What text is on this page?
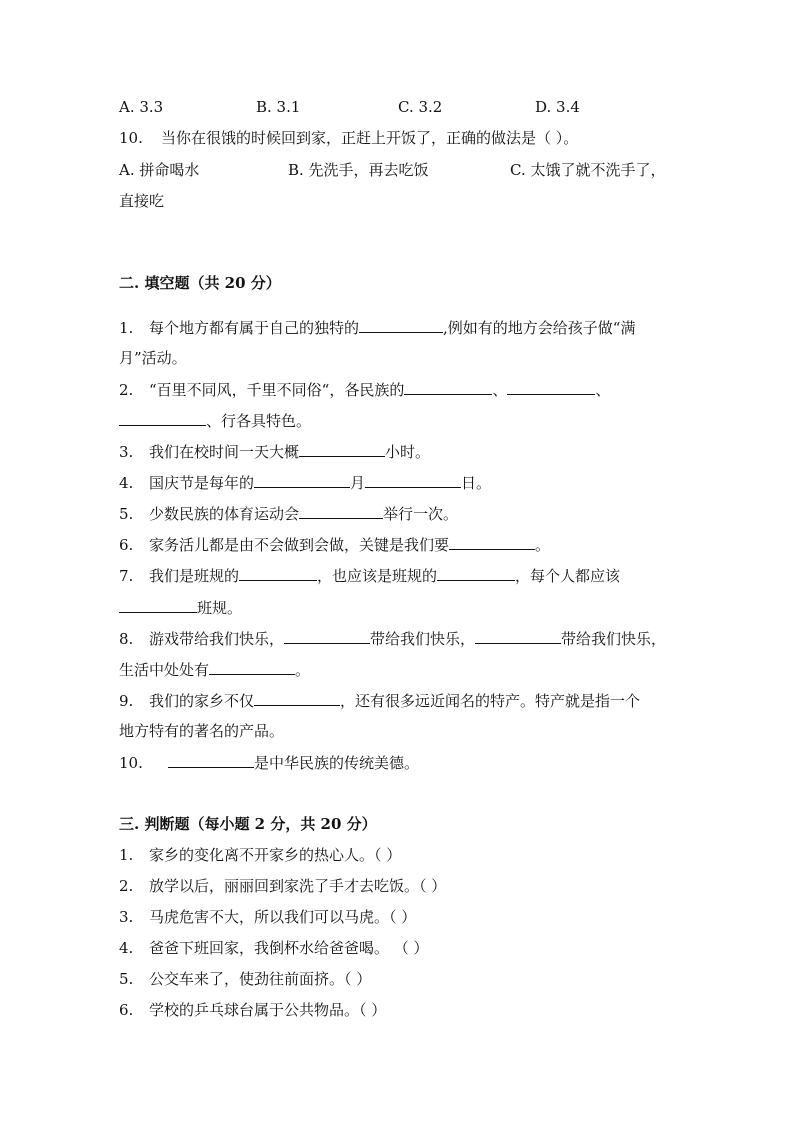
A. 3.3	B. 3.1	C. 3.2	D. 3.4
10. 当你在很饿的时候回到家，正赶上开饭了，正确的做法是（ ）。
A. 拼命喝水	B. 先洗手，再去吃饭	C. 太饿了就不洗手了，
直接吃
二. 填空题（共 20 分）
1. 每个地方都有属于自己的独特的	,例如有的地方会给孩子做“满
月”活动。
2. “百里不同风，千里不同俗“，各民族的	、	、
、行各具特色。
3. 我们在校时间一天大概	小时。
4. 国庆节是每年的	月	日。
5. 少数民族的体育运动会	举行一次。
6. 家务活儿都是由不会做到会做，关键是我们要	。
7. 我们是班规的	，也应该是班规的	，每个人都应该
班规。
8. 游戏带给我们快乐，	带给我们快乐，	带给我们快乐，
生活中处处有	。
9. 我们的家乡不仅	，还有很多远近闻名的特产。特产就是指一个
地方特有的著名的产品。
10.	是中华民族的传统美德。
三. 判断题（每小题 2 分，共 20 分）
1. 家乡的变化离不开家乡的热心人。（ ）
2. 放学以后，丽丽回到家洗了手才去吃饭。（ ）
3. 马虎危害不大，所以我们可以马虎。（ ）
4. 爸爸下班回家，我倒杯水给爸爸喝。 （ ）
5. 公交车来了，使劲往前面挤。（ ）
6. 学校的乒乓球台属于公共物品。（ ）
